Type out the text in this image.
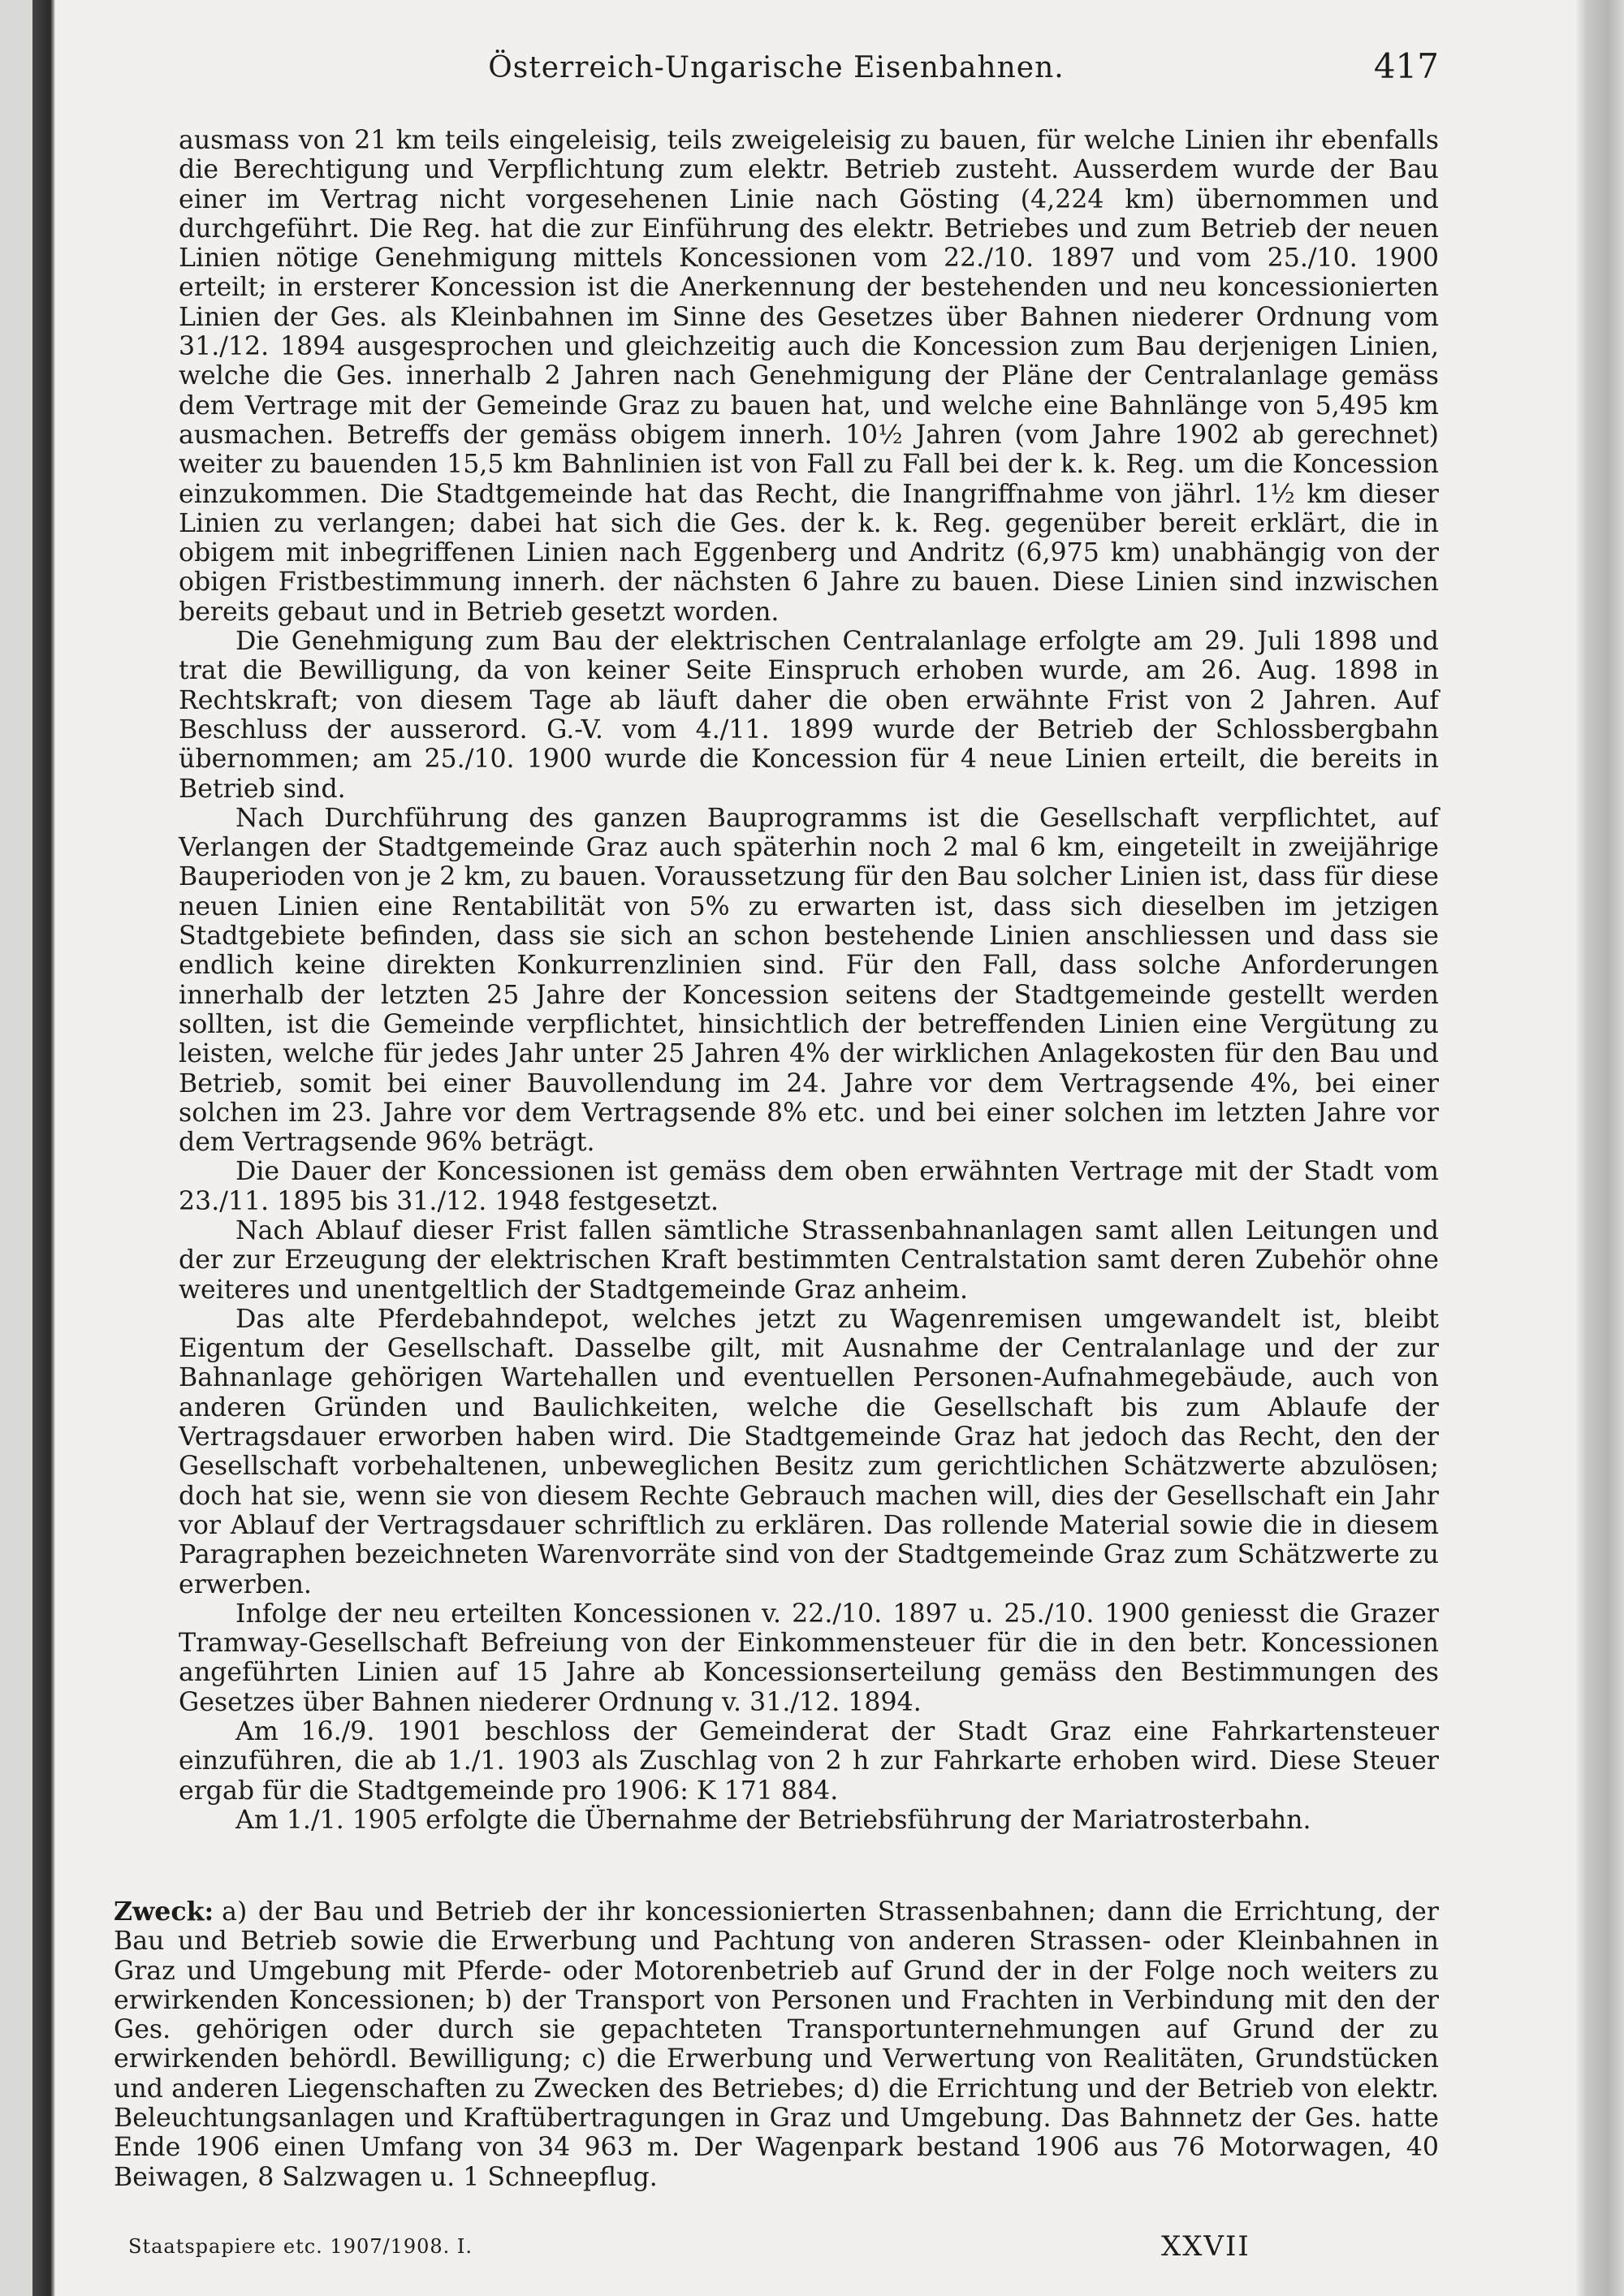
Österreich-Ungarische Eisenbahnen.	417

ausmass von 21 km teils eingeleisig, teils zweigeleisig zu bauen, für welche Linien ihr ebenfalls die Berechtigung und Verpflichtung zum elektr. Betrieb zusteht. Ausserdem wurde der Bau einer im Vertrag nicht vorgesehenen Linie nach Gösting (4,224 km) übernommen und durchgeführt. Die Reg. hat die zur Einführung des elektr. Betriebes und zum Betrieb der neuen Linien nötige Genehmigung mittels Koncessionen vom 22./10. 1897 und vom 25./10. 1900 erteilt; in ersterer Koncession ist die Anerkennung der bestehenden und neu koncessionierten Linien der Ges. als Kleinbahnen im Sinne des Gesetzes über Bahnen niederer Ordnung vom 31./12. 1894 ausgesprochen und gleichzeitig auch die Koncession zum Bau derjenigen Linien, welche die Ges. innerhalb 2 Jahren nach Genehmigung der Pläne der Centralanlage gemäss dem Vertrage mit der Gemeinde Graz zu bauen hat, und welche eine Bahnlänge von 5,495 km ausmachen. Betreffs der gemäss obigem innerh. 10½ Jahren (vom Jahre 1902 ab gerechnet) weiter zu bauenden 15,5 km Bahnlinien ist von Fall zu Fall bei der k. k. Reg. um die Koncession einzukommen. Die Stadtgemeinde hat das Recht, die Inangriffnahme von jährl. 1½ km dieser Linien zu verlangen; dabei hat sich die Ges. der k. k. Reg. gegenüber bereit erklärt, die in obigem mit inbegriffenen Linien nach Eggenberg und Andritz (6,975 km) unabhängig von der obigen Fristbestimmung innerh. der nächsten 6 Jahre zu bauen. Diese Linien sind inzwischen bereits gebaut und in Betrieb gesetzt worden.

Die Genehmigung zum Bau der elektrischen Centralanlage erfolgte am 29. Juli 1898 und trat die Bewilligung, da von keiner Seite Einspruch erhoben wurde, am 26. Aug. 1898 in Rechtskraft; von diesem Tage ab läuft daher die oben erwähnte Frist von 2 Jahren. Auf Beschluss der ausserord. G.-V. vom 4./11. 1899 wurde der Betrieb der Schlossbergbahn übernommen; am 25./10. 1900 wurde die Koncession für 4 neue Linien erteilt, die bereits in Betrieb sind.

Nach Durchführung des ganzen Bauprogramms ist die Gesellschaft verpflichtet, auf Verlangen der Stadtgemeinde Graz auch späterhin noch 2 mal 6 km, eingeteilt in zweijährige Bauperioden von je 2 km, zu bauen. Voraussetzung für den Bau solcher Linien ist, dass für diese neuen Linien eine Rentabilität von 5% zu erwarten ist, dass sich dieselben im jetzigen Stadtgebiete befinden, dass sie sich an schon bestehende Linien anschliessen und dass sie endlich keine direkten Konkurrenzlinien sind. Für den Fall, dass solche Anforderungen innerhalb der letzten 25 Jahre der Koncession seitens der Stadtgemeinde gestellt werden sollten, ist die Gemeinde verpflichtet, hinsichtlich der betreffenden Linien eine Vergütung zu leisten, welche für jedes Jahr unter 25 Jahren 4% der wirklichen Anlagekosten für den Bau und Betrieb, somit bei einer Bauvollendung im 24. Jahre vor dem Vertragsende 4%, bei einer solchen im 23. Jahre vor dem Vertragsende 8% etc. und bei einer solchen im letzten Jahre vor dem Vertragsende 96% beträgt.

Die Dauer der Koncessionen ist gemäss dem oben erwähnten Vertrage mit der Stadt vom 23./11. 1895 bis 31./12. 1948 festgesetzt.

Nach Ablauf dieser Frist fallen sämtliche Strassenbahnanlagen samt allen Leitungen und der zur Erzeugung der elektrischen Kraft bestimmten Centralstation samt deren Zubehör ohne weiteres und unentgeltlich der Stadtgemeinde Graz anheim.

Das alte Pferdebahndepot, welches jetzt zu Wagenremisen umgewandelt ist, bleibt Eigentum der Gesellschaft. Dasselbe gilt, mit Ausnahme der Centralanlage und der zur Bahnanlage gehörigen Wartehallen und eventuellen Personen-Aufnahmegebäude, auch von anderen Gründen und Baulichkeiten, welche die Gesellschaft bis zum Ablaufe der Vertragsdauer erworben haben wird. Die Stadtgemeinde Graz hat jedoch das Recht, den der Gesellschaft vorbehaltenen, unbeweglichen Besitz zum gerichtlichen Schätzwerte abzulösen; doch hat sie, wenn sie von diesem Rechte Gebrauch machen will, dies der Gesellschaft ein Jahr vor Ablauf der Vertragsdauer schriftlich zu erklären. Das rollende Material sowie die in diesem Paragraphen bezeichneten Warenvorräte sind von der Stadtgemeinde Graz zum Schätzwerte zu erwerben.

Infolge der neu erteilten Koncessionen v. 22./10. 1897 u. 25./10. 1900 geniesst die Grazer Tramway-Gesellschaft Befreiung von der Einkommensteuer für die in den betr. Koncessionen angeführten Linien auf 15 Jahre ab Koncessionserteilung gemäss den Bestimmungen des Gesetzes über Bahnen niederer Ordnung v. 31./12. 1894.

Am 16./9. 1901 beschloss der Gemeinderat der Stadt Graz eine Fahrkartensteuer einzuführen, die ab 1./1. 1903 als Zuschlag von 2 h zur Fahrkarte erhoben wird. Diese Steuer ergab für die Stadtgemeinde pro 1906: K 171 884.

Am 1./1. 1905 erfolgte die Übernahme der Betriebsführung der Mariatrosterbahn.

Zweck: a) der Bau und Betrieb der ihr koncessionierten Strassenbahnen; dann die Errichtung, der Bau und Betrieb sowie die Erwerbung und Pachtung von anderen Strassen- oder Kleinbahnen in Graz und Umgebung mit Pferde- oder Motorenbetrieb auf Grund der in der Folge noch weiters zu erwirkenden Koncessionen; b) der Transport von Personen und Frachten in Verbindung mit den der Ges. gehörigen oder durch sie gepachteten Transportunternehmungen auf Grund der zu erwirkenden behördl. Bewilligung; c) die Erwerbung und Verwertung von Realitäten, Grundstücken und anderen Liegenschaften zu Zwecken des Betriebes; d) die Errichtung und der Betrieb von elektr. Beleuchtungsanlagen und Kraftübertragungen in Graz und Umgebung. Das Bahnnetz der Ges. hatte Ende 1906 einen Umfang von 34 963 m. Der Wagenpark bestand 1906 aus 76 Motorwagen, 40 Beiwagen, 8 Salzwagen u. 1 Schneepflug.
Staatspapiere etc. 1907/1908. I.	XXVII
